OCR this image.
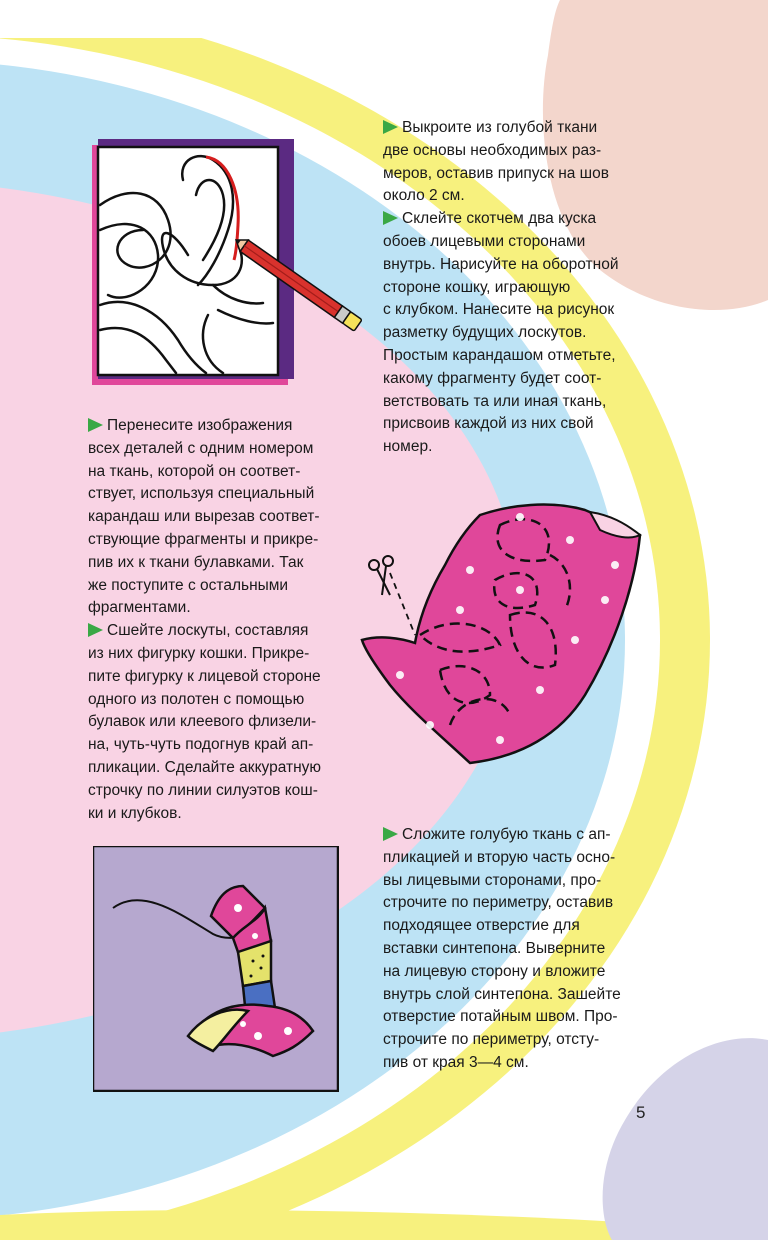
Выкроите из голубой ткани
две основы необходимых раз-
меров, оставив припуск на шов
около 2 см.

Склейте скотчем два куска
обоев лицевыми сторонами
внутрь. Нарисуйте на оборотной
стороне кошку, играющую
с клубком. Нанесите на рисунок
разметку будущих лоскутов.
Простым карандашом отметьте,
какому фрагменту будет соот-
ветствовать та или иная ткань,
присвоив каждой из них свой
номер.

Перенесите изображения
всех деталей с одним номером
на ткань, которой он соответ-
ствует, используя специальный
карандаш или вырезав соответ-
ствующие фрагменты и прикре-
пив их к ткани булавками. Так
же поступите с остальными
фрагментами.

Сшейте лоскуты, составляя
из них фигурку кошки. Прикре-
пите фигурку к лицевой стороне
одного из полотен с помощью
булавок или клеевого флизели-
на, чуть-чуть подогнув край ап-
пликации. Сделайте аккуратную
строчку по линии силуэтов кош-
ки и клубков.

Сложите голубую ткань с ап-
пликацией и вторую часть осно-
вы лицевыми сторонами, про-
строчите по периметру, оставив
подходящее отверстие для
вставки синтепона. Выверните
на лицевую сторону и вложите
внутрь слой синтепона. Зашейте
отверстие потайным швом. Про-
строчите по периметру, отсту-
пив от края 3—4 см.

5
